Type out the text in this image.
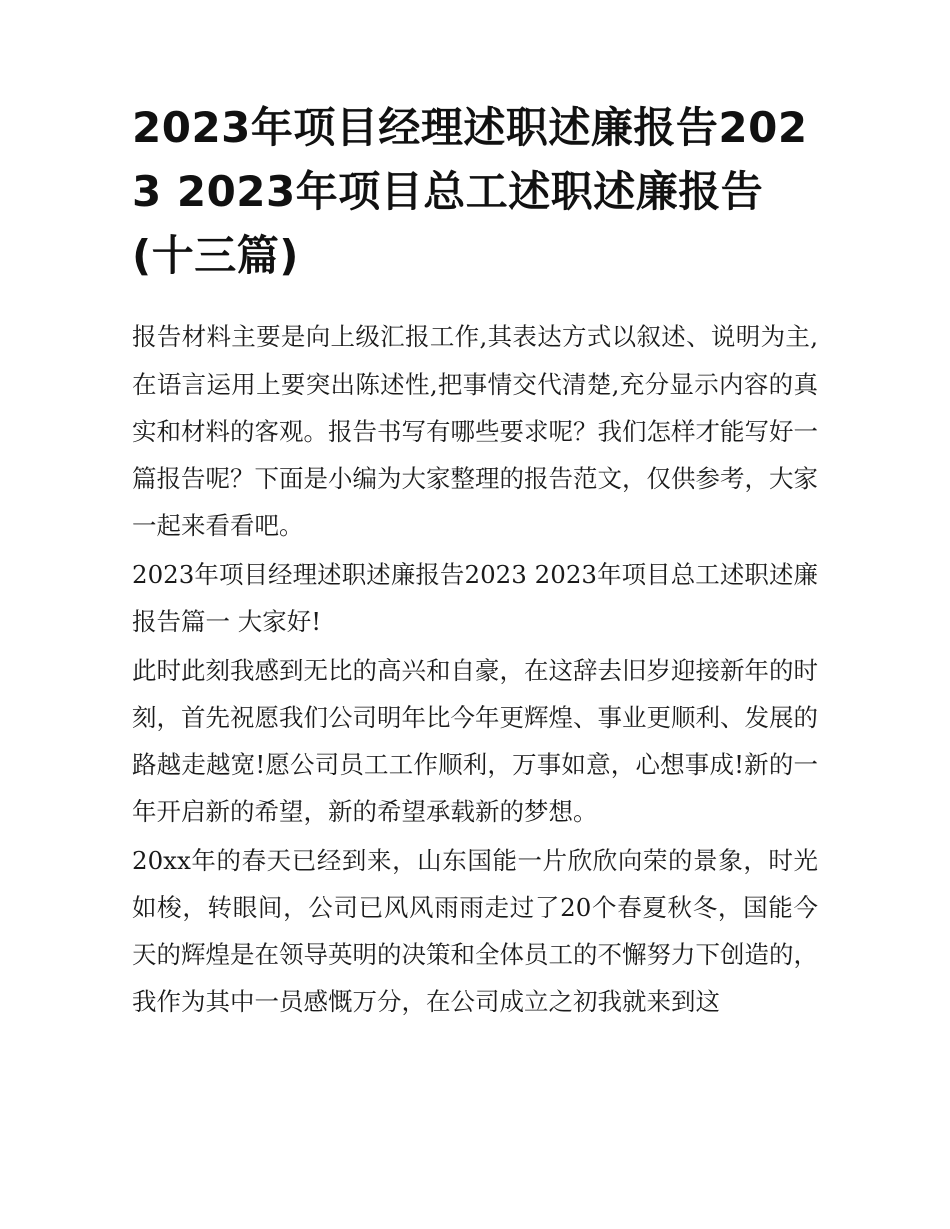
2023年项目经理述职述廉报告2023 2023年项目总工述职述廉报告(十三篇)

报告材料主要是向上级汇报工作,其表达方式以叙述、说明为主,在语言运用上要突出陈述性,把事情交代清楚,充分显示内容的真实和材料的客观。报告书写有哪些要求呢？我们怎样才能写好一篇报告呢？下面是小编为大家整理的报告范文，仅供参考，大家一起来看看吧。

2023年项目经理述职述廉报告2023 2023年项目总工述职述廉报告篇一 大家好!

此时此刻我感到无比的高兴和自豪，在这辞去旧岁迎接新年的时刻，首先祝愿我们公司明年比今年更辉煌、事业更顺利、发展的路越走越宽!愿公司员工工作顺利，万事如意，心想事成!新的一年开启新的希望，新的希望承载新的梦想。

20xx年的春天已经到来，山东国能一片欣欣向荣的景象，时光如梭，转眼间，公司已风风雨雨走过了20个春夏秋冬，国能今天的辉煌是在领导英明的决策和全体员工的不懈努力下创造的，我作为其中一员感慨万分，在公司成立之初我就来到这
